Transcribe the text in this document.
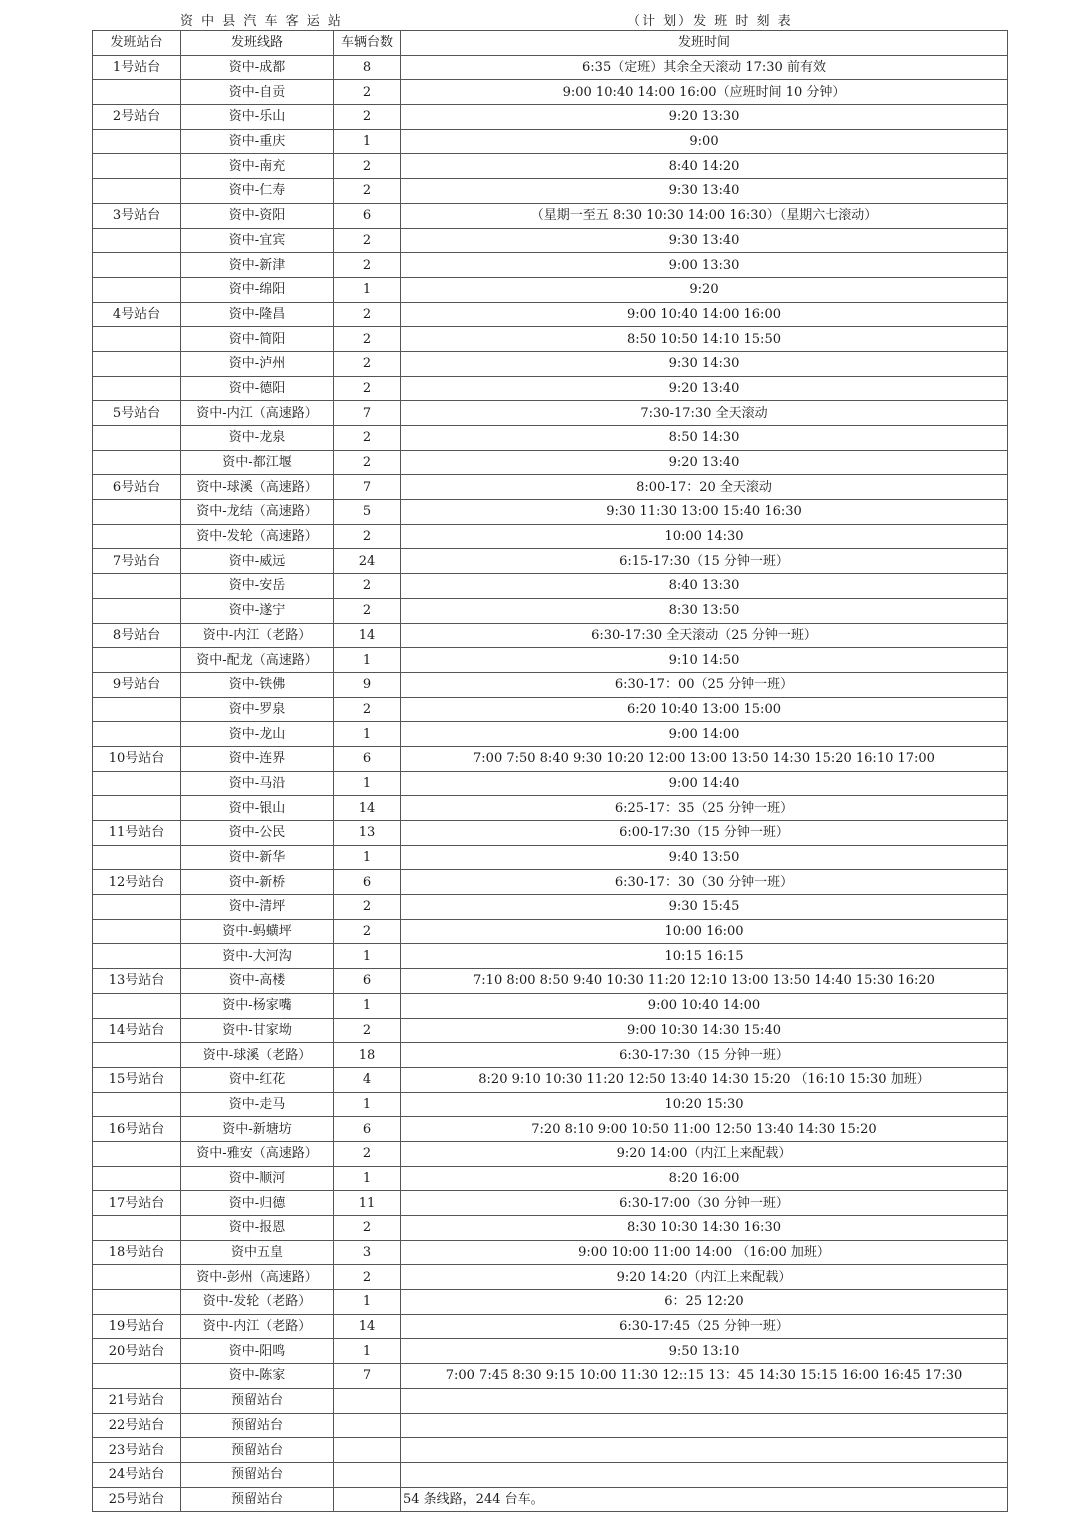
资 中 县 汽 车 客 运 站	（计 划）发 班 时 刻 表
发班站台	发班线路	车辆台数	发班时间
1号站台	资中-成都	8	6:35（定班）其余全天滚动 17:30 前有效
	资中-自贡	2	9:00 10:40 14:00 16:00（应班时间 10 分钟）
2号站台	资中-乐山	2	9:20 13:30
	资中-重庆	1	9:00
	资中-南充	2	8:40 14:20
	资中-仁寿	2	9:30 13:40
3号站台	资中-资阳	6	（星期一至五 8:30 10:30 14:00 16:30）（星期六七滚动）
	资中-宜宾	2	9:30 13:40
	资中-新津	2	9:00 13:30
	资中-绵阳	1	9:20
4号站台	资中-隆昌	2	9:00 10:40 14:00 16:00
	资中-简阳	2	8:50 10:50 14:10 15:50
	资中-泸州	2	9:30 14:30
	资中-德阳	2	9:20 13:40
5号站台	资中-内江（高速路）	7	7:30-17:30 全天滚动
	资中-龙泉	2	8:50 14:30
	资中-都江堰	2	9:20 13:40
6号站台	资中-球溪（高速路）	7	8:00-17：20 全天滚动
	资中-龙结（高速路）	5	9:30 11:30 13:00 15:40 16:30
	资中-发轮（高速路）	2	10:00 14:30
7号站台	资中-威远	24	6:15-17:30（15 分钟一班）
	资中-安岳	2	8:40 13:30
	资中-遂宁	2	8:30 13:50
8号站台	资中-内江（老路）	14	6:30-17:30 全天滚动（25 分钟一班）
	资中-配龙（高速路）	1	9:10 14:50
9号站台	资中-铁佛	9	6:30-17：00（25 分钟一班）
	资中-罗泉	2	6:20 10:40 13:00 15:00
	资中-龙山	1	9:00 14:00
10号站台	资中-连界	6	7:00 7:50 8:40 9:30 10:20 12:00 13:00 13:50 14:30 15:20 16:10 17:00
	资中-马沿	1	9:00 14:40
	资中-银山	14	6:25-17：35（25 分钟一班）
11号站台	资中-公民	13	6:00-17:30（15 分钟一班）
	资中-新华	1	9:40 13:50
12号站台	资中-新桥	6	6:30-17：30（30 分钟一班）
	资中-清坪	2	9:30 15:45
	资中-蚂蟥坪	2	10:00 16:00
	资中-大河沟	1	10:15 16:15
13号站台	资中-高楼	6	7:10 8:00 8:50 9:40 10:30 11:20 12:10 13:00 13:50 14:40 15:30 16:20
	资中-杨家嘴	1	9:00 10:40 14:00
14号站台	资中-甘家坳	2	9:00 10:30 14:30 15:40
	资中-球溪（老路）	18	6:30-17:30（15 分钟一班）
15号站台	资中-红花	4	8:20 9:10 10:30 11:20 12:50 13:40 14:30 15:20 （16:10 15:30 加班）
	资中-走马	1	10:20 15:30
16号站台	资中-新塘坊	6	7:20 8:10 9:00 10:50 11:00 12:50 13:40 14:30 15:20
	资中-雅安（高速路）	2	9:20 14:00（内江上来配载）
	资中-顺河	1	8:20 16:00
17号站台	资中-归德	11	6:30-17:00（30 分钟一班）
	资中-报恩	2	8:30 10:30 14:30 16:30
18号站台	资中五皇	3	9:00 10:00 11:00 14:00 （16:00 加班）
	资中-彭州（高速路）	2	9:20 14:20（内江上来配载）
	资中-发轮（老路）	1	6：25 12:20
19号站台	资中-内江（老路）	14	6:30-17:45（25 分钟一班）
20号站台	资中-阳鸣	1	9:50 13:10
	资中-陈家	7	7:00 7:45 8:30 9:15 10:00 11:30 12::15 13：45 14:30 15:15 16:00 16:45 17:30
21号站台	预留站台		
22号站台	预留站台		
23号站台	预留站台		
24号站台	预留站台		
25号站台	预留站台		54 条线路，244 台车。
